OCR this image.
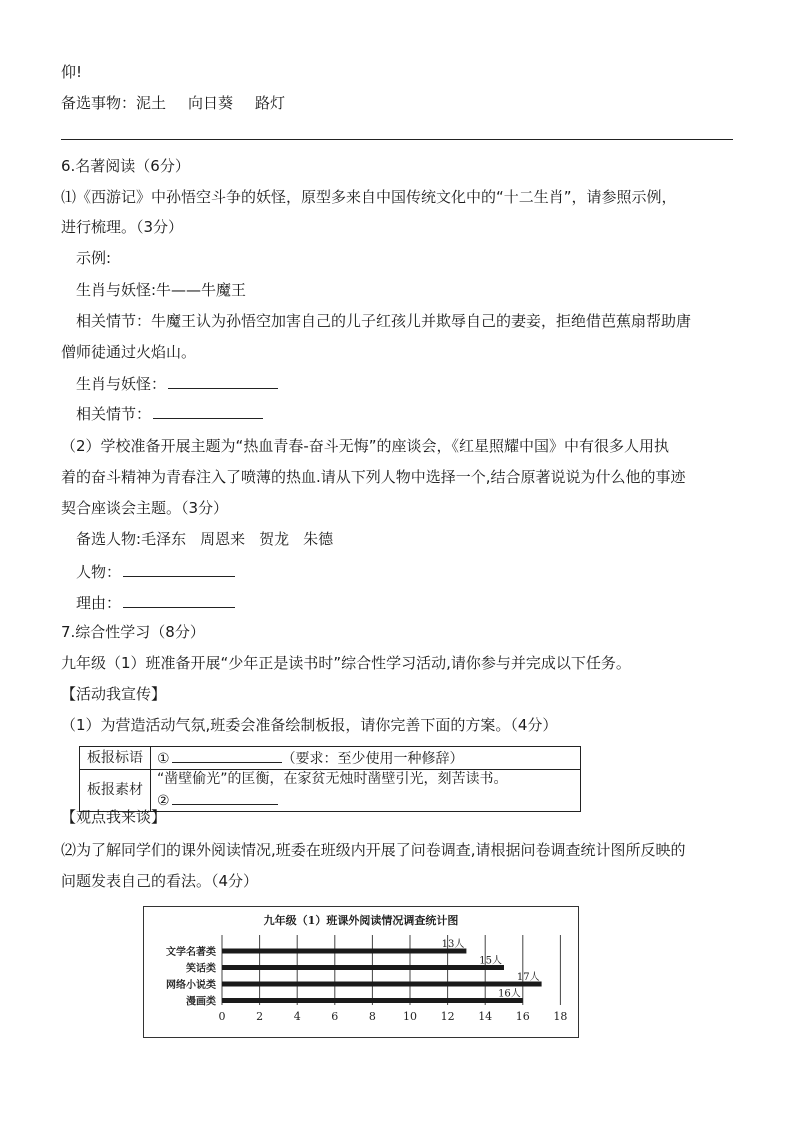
仰!
备选事物：泥土 向日葵 路灯
6.名著阅读（6分）
⑴《西游记》中孙悟空斗争的妖怪，原型多来自中国传统文化中的“十二生肖”，请参照示例，
进行梳理。（3分）
示例:
生肖与妖怪:牛——牛魔王
相关情节：牛魔王认为孙悟空加害自己的儿子红孩儿并欺辱自己的妻妾，拒绝借芭蕉扇帮助唐
僧师徒通过火焰山。
生肖与妖怪：
相关情节：
（2）学校准备开展主题为“热血青春-奋斗无悔”的座谈会，《红星照耀中国》中有很多人用执
着的奋斗精神为青春注入了喷薄的热血.请从下列人物中选择一个,结合原著说说为什么他的事迹
契合座谈会主题。（3分）
备选人物:毛泽东 周恩来 贺龙 朱德
人物：
理由：
7.综合性学习（8分）
九年级（1）班准备开展“少年正是读书时”综合性学习活动,请你参与并完成以下任务。
【活动我宣传】
（1）为营造活动气氛,班委会准备绘制板报，请你完善下面的方案。（4分）
板报标语	① （要求：至少使用一种修辞）
板报素材	“凿壁偷光”的匡衡，在家贫无烛时凿壁引光，刻苦读书。
②
【观点我来谈】
⑵为了解同学们的课外阅读情况,班委在班级内开展了问卷调查,请根据问卷调查统计图所反映的
问题发表自己的看法。（4分）
九年级（1）班课外阅读情况调查统计图
0	2	4	6	8 10 12 14 16 18
文学名著类
13人
笑话类
15人
网络小说类
17人
漫画类
16人
